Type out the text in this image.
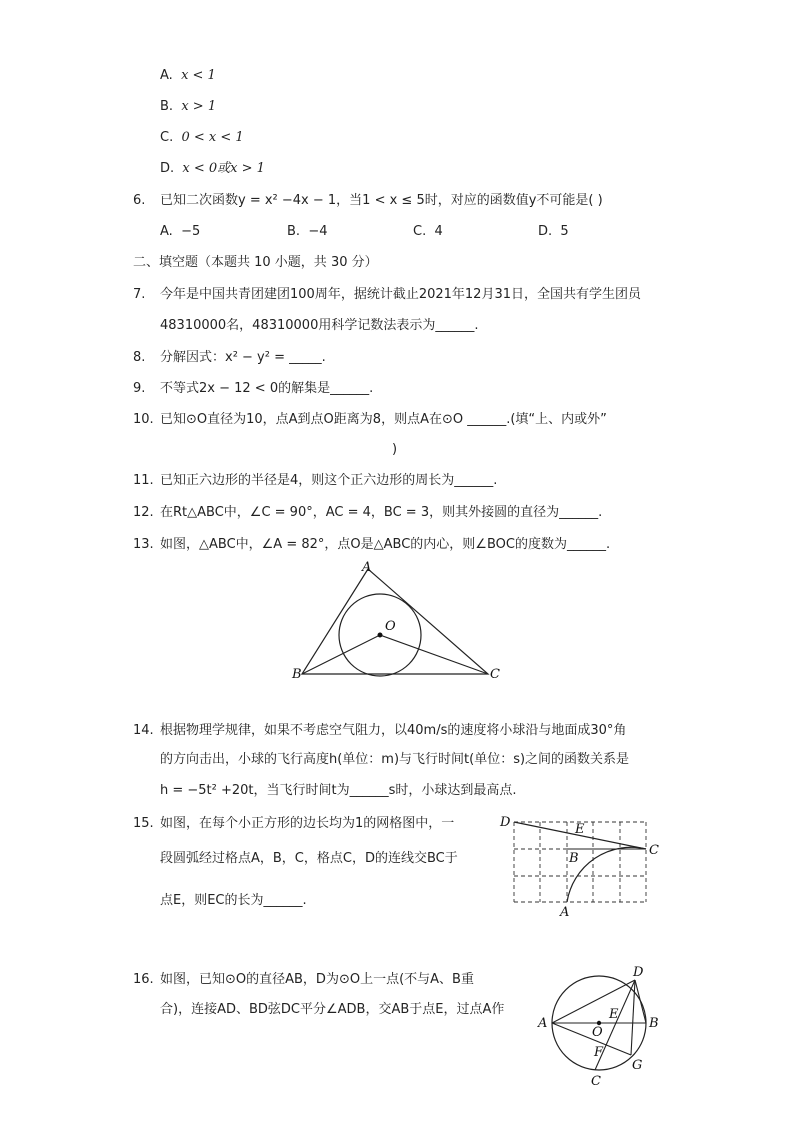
A. x < 1
B. x > 1
C. 0 < x < 1
D. x < 0或x > 1
6. 已知二次函数y = x² −4x − 1，当1 < x ≤ 5时，对应的函数值y不可能是( )
A. −5	B. −4	C. 4	D. 5
二、填空题（本题共 10 小题，共 30 分）
7. 今年是中国共青团建团100周年，据统计截止2021年12月31日，全国共有学生团员
48310000名，48310000用科学记数法表示为______.
8. 分解因式：x² − y² = _____.
9. 不等式2x − 12 < 0的解集是______.
10. 已知⊙O直径为10，点A到点O距离为8，则点A在⊙O ______.(填“上、内或外”
)
11. 已知正六边形的半径是4，则这个正六边形的周长为______.
12. 在Rt△ABC中，∠C = 90°，AC = 4，BC = 3，则其外接圆的直径为______.
13. 如图，△ABC中，∠A = 82°，点O是△ABC的内心，则∠BOC的度数为______.
A
O
B	C
14. 根据物理学规律，如果不考虑空气阻力，以40m/s的速度将小球沿与地面成30°角
的方向击出，小球的飞行高度h(单位：m)与飞行时间t(单位：s)之间的函数关系是
h = −5t² +20t，当飞行时间t为______s时，小球达到最高点.
15. 如图，在每个小正方形的边长均为1的网格图中，一
段圆弧经过格点A，B，C，格点C，D的连线交BC于
点E，则EC的长为______.
D	E
B
C
A
16. 如图，已知⊙O的直径AB，D为⊙O上一点(不与A、B重
合)，连接AD、BD弦DC平分∠ADB，交AB于点E，过点A作
A	B
D
E
O
F
G
C
